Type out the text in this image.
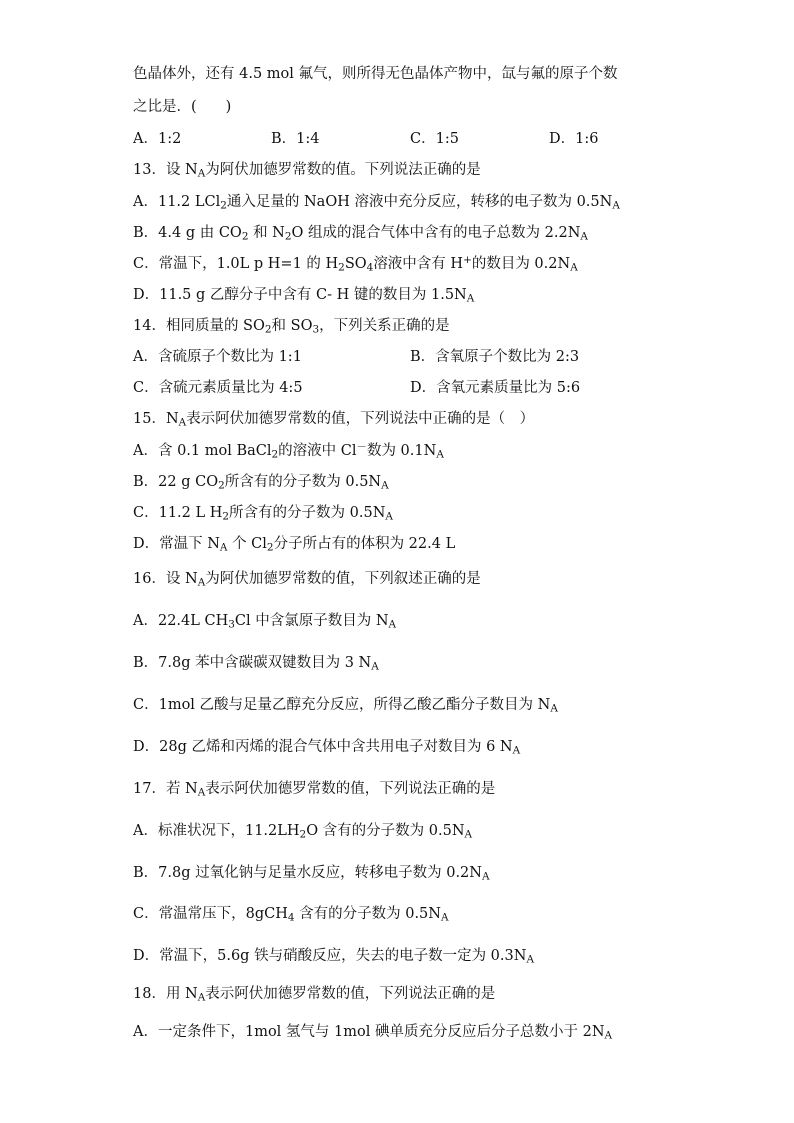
色晶体外，还有 4.5 mol 氟气，则所得无色晶体产物中，氙与氟的原子个数
之比是．(　　)
A．1:2	B．1:4	C．1:5	D．1:6
13．设 $N_A$为阿伏加德罗常数的值。下列说法正确的是
A．11.2 LCl$_2$通入足量的 NaOH 溶液中充分反应，转移的电子数为 $0.5N_A$
B．4.4 g 由 $CO_2$ 和 $N_2O$ 组成的混合气体中含有的电子总数为 $2.2N_A$
C．常温下，1.0L p H=1 的 $H_2SO_4$溶液中含有 H+的数目为 $0.2N_A$
D．11.5 g 乙醇分子中含有 C- H 键的数目为 $1.5N_A$
14．相同质量的 $SO_2$和 $SO_3$，下列关系正确的是
A．含硫原子个数比为 1:1	B．含氧原子个数比为 2:3
C．含硫元素质量比为 4:5	D．含氧元素质量比为 5:6
15．$N_A$表示阿伏加德罗常数的值，下列说法中正确的是（　）
A．含 0.1 mol BaCl$_2$的溶液中 Cl－数为 $0.1N_A$
B．22 g $CO_2$所含有的分子数为 $0.5N_A$
C．11.2 L $H_2$所含有的分子数为 $0.5N_A$
D．常温下 $N_A$ 个 $Cl_2$分子所占有的体积为 22.4 L
16．设 $N_A$为阿伏加德罗常数的值，下列叙述正确的是
A．22.4L $CH_3Cl$ 中含氯原子数目为 $N_A$
B．7.8g 苯中含碳碳双键数目为 3 $N_A$
C．1mol 乙酸与足量乙醇充分反应，所得乙酸乙酯分子数目为 $N_A$
D．28g 乙烯和丙烯的混合气体中含共用电子对数目为 6 $N_A$
17．若 $N_A$表示阿伏加德罗常数的值，下列说法正确的是
A．标准状况下，$11.2LH_2O$ 含有的分子数为 $0.5N_A$
B．7.8g 过氧化钠与足量水反应，转移电子数为 $0.2N_A$
C．常温常压下，8gCH$_4$ 含有的分子数为 $0.5N_A$
D．常温下，5.6g 铁与硝酸反应，失去的电子数一定为 $0.3N_A$
18．用 $N_A$表示阿伏加德罗常数的值，下列说法正确的是
A．一定条件下，1mol 氢气与 1mol 碘单质充分反应后分子总数小于 $2N_A$
